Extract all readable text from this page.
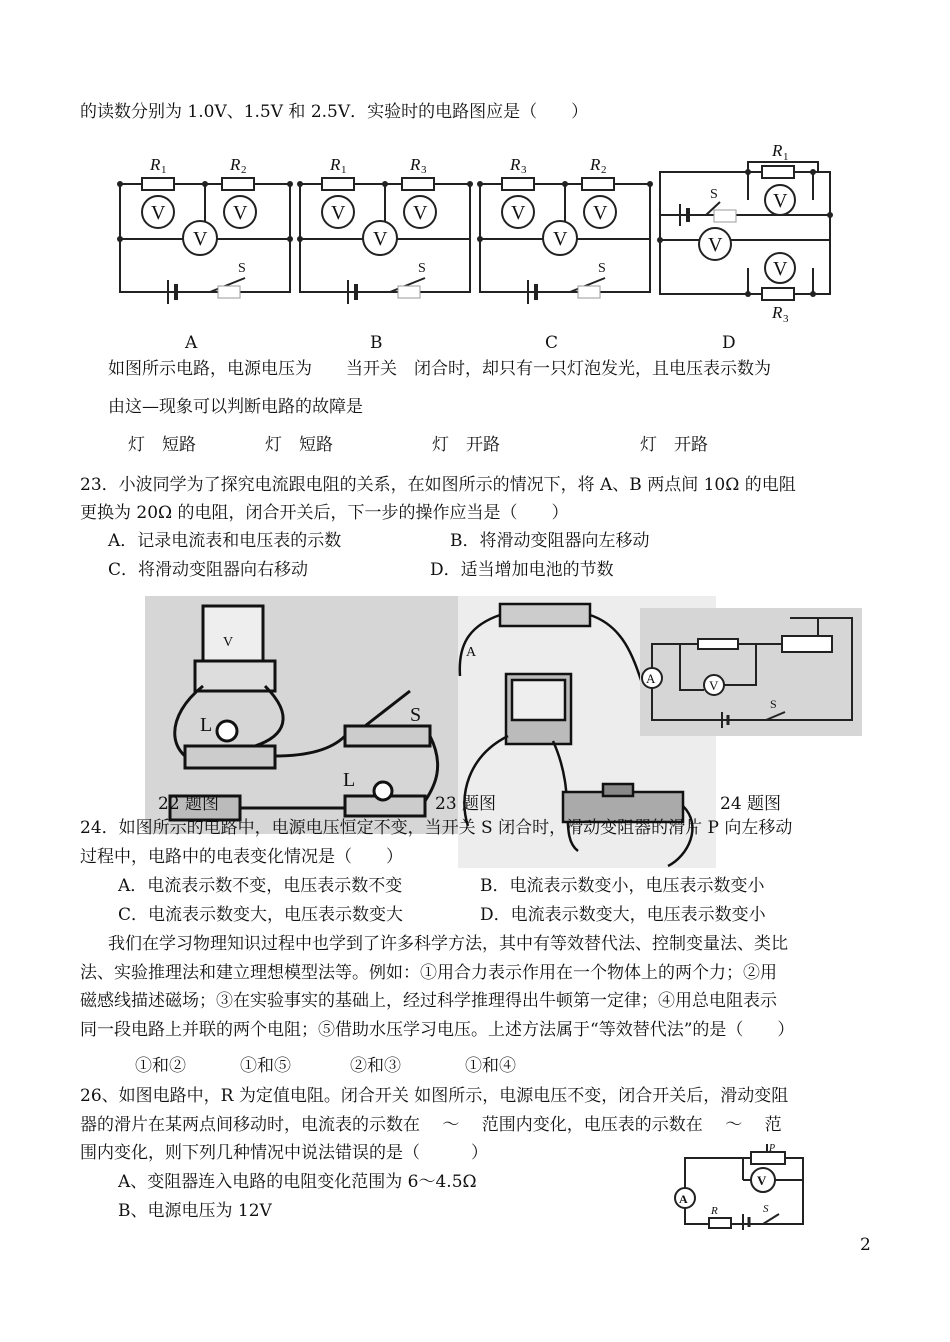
的读数分别为 1.0V、1.5V 和 2.5V．实验时的电路图应是（　　）
R	R	R	R	R	R
R
R
1	2	1	3	3	2
1
3
V	V
V
V	V
V
V	V
V
V
V
V
S	S	S
S
A	B	C	D
如图所示电路，电源电压为　　当开关　闭合时，却只有一只灯泡发光，且电压表示数为
由这—现象可以判断电路的故障是
灯　短路	灯　短路	灯　开路	灯　开路
23．小波同学为了探究电流跟电阻的关系，在如图所示的情况下，将 A、B 两点间 10Ω 的电阻
更换为 20Ω 的电阻，闭合开关后，下一步的操作应当是（　　）
A．记录电流表和电压表的示数	B．将滑动变阻器向左移动
C．将滑动变阻器向右移动	D．适当增加电池的节数
L
L
S
V
A
A	V
S
22 题图	23 题图	24 题图
24．如图所示的电路中，电源电压恒定不变，当开关 S 闭合时，滑动变阻器的滑片 P 向左移动
过程中，电路中的电表变化情况是（　　）
A．电流表示数不变，电压表示数不变	B．电流表示数变小，电压表示数变小
C．电流表示数变大，电压表示数变大	D．电流表示数变大，电压表示数变小
我们在学习物理知识过程中也学到了许多科学方法，其中有等效替代法、控制变量法、类比
法、实验推理法和建立理想模型法等。例如：①用合力表示作用在一个物体上的两个力；②用
磁感线描述磁场；③在实验事实的基础上，经过科学推理得出牛顿第一定律；④用总电阻表示
同一段电路上并联的两个电阻；⑤借助水压学习电压。上述方法属于“等效替代法”的是（　　）
①和②	①和⑤	②和③	①和④
26、如图电路中，R 为定值电阻。闭合开关 如图所示，电源电压不变，闭合开关后，滑动变阻
器的滑片在某两点间移动时，电流表的示数在　 ～　 范围内变化，电压表的示数在　 ～　 范
围内变化，则下列几种情况中说法错误的是（　　　）
A、变阻器连入电路的电阻变化范围为 6～4.5Ω
B、电源电压为 12V
A
V
R	S
P
2
